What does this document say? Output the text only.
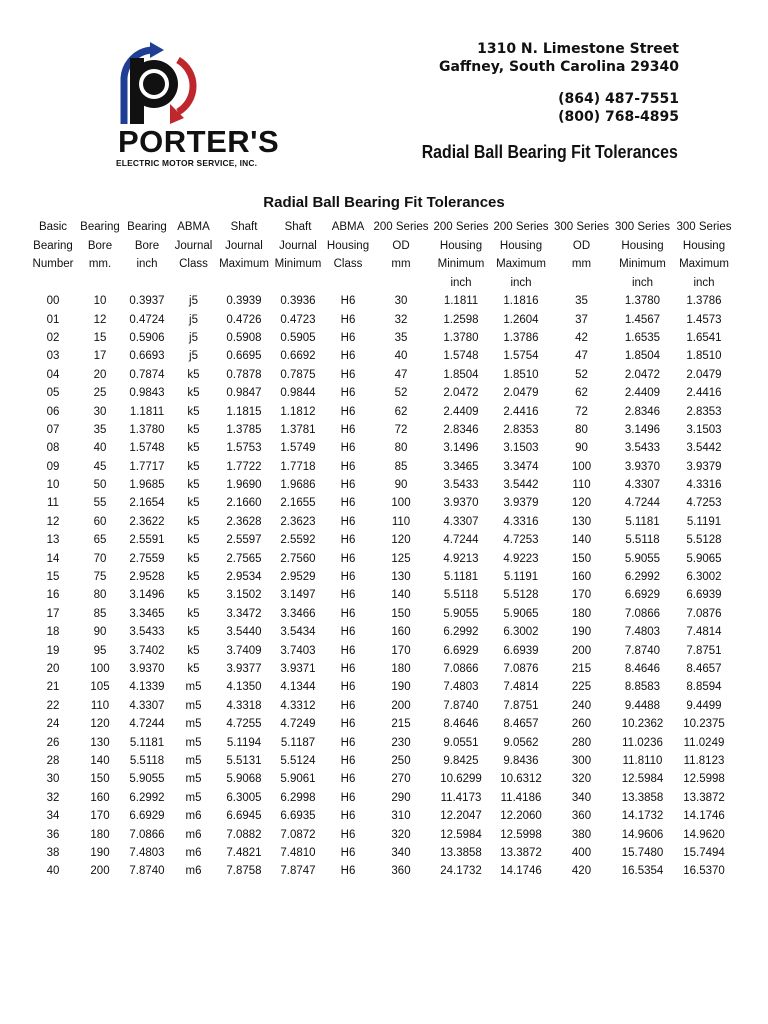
PORTER'S
ELECTRIC MOTOR SERVICE, INC.
1310 N. Limestone Street
Gaffney, South Carolina 29340
(864) 487-7551
(800) 768-4895
Radial Ball Bearing Fit Tolerances
Radial Ball Bearing Fit Tolerances
Basic	Bearing	Bearing	ABMA	Shaft	Shaft	ABMA	200 Series	200 Series	200 Series	300 Series	300 Series	300 Series
Bearing	Bore	Bore	Journal	Journal	Journal	Housing	OD	Housing	Housing	OD	Housing	Housing
Number	mm.	inch	Class	Maximum	Minimum	Class	mm	Minimum	Maximum	mm	Minimum	Maximum
								inch	inch		inch	inch
00	10	0.3937	j5	0.3939	0.3936	H6	30	1.1811	1.1816	35	1.3780	1.3786
01	12	0.4724	j5	0.4726	0.4723	H6	32	1.2598	1.2604	37	1.4567	1.4573
02	15	0.5906	j5	0.5908	0.5905	H6	35	1.3780	1.3786	42	1.6535	1.6541
03	17	0.6693	j5	0.6695	0.6692	H6	40	1.5748	1.5754	47	1.8504	1.8510
04	20	0.7874	k5	0.7878	0.7875	H6	47	1.8504	1.8510	52	2.0472	2.0479
05	25	0.9843	k5	0.9847	0.9844	H6	52	2.0472	2.0479	62	2.4409	2.4416
06	30	1.1811	k5	1.1815	1.1812	H6	62	2.4409	2.4416	72	2.8346	2.8353
07	35	1.3780	k5	1.3785	1.3781	H6	72	2.8346	2.8353	80	3.1496	3.1503
08	40	1.5748	k5	1.5753	1.5749	H6	80	3.1496	3.1503	90	3.5433	3.5442
09	45	1.7717	k5	1.7722	1.7718	H6	85	3.3465	3.3474	100	3.9370	3.9379
10	50	1.9685	k5	1.9690	1.9686	H6	90	3.5433	3.5442	110	4.3307	4.3316
11	55	2.1654	k5	2.1660	2.1655	H6	100	3.9370	3.9379	120	4.7244	4.7253
12	60	2.3622	k5	2.3628	2.3623	H6	110	4.3307	4.3316	130	5.1181	5.1191
13	65	2.5591	k5	2.5597	2.5592	H6	120	4.7244	4.7253	140	5.5118	5.5128
14	70	2.7559	k5	2.7565	2.7560	H6	125	4.9213	4.9223	150	5.9055	5.9065
15	75	2.9528	k5	2.9534	2.9529	H6	130	5.1181	5.1191	160	6.2992	6.3002
16	80	3.1496	k5	3.1502	3.1497	H6	140	5.5118	5.5128	170	6.6929	6.6939
17	85	3.3465	k5	3.3472	3.3466	H6	150	5.9055	5.9065	180	7.0866	7.0876
18	90	3.5433	k5	3.5440	3.5434	H6	160	6.2992	6.3002	190	7.4803	7.4814
19	95	3.7402	k5	3.7409	3.7403	H6	170	6.6929	6.6939	200	7.8740	7.8751
20	100	3.9370	k5	3.9377	3.9371	H6	180	7.0866	7.0876	215	8.4646	8.4657
21	105	4.1339	m5	4.1350	4.1344	H6	190	7.4803	7.4814	225	8.8583	8.8594
22	110	4.3307	m5	4.3318	4.3312	H6	200	7.8740	7.8751	240	9.4488	9.4499
24	120	4.7244	m5	4.7255	4.7249	H6	215	8.4646	8.4657	260	10.2362	10.2375
26	130	5.1181	m5	5.1194	5.1187	H6	230	9.0551	9.0562	280	11.0236	11.0249
28	140	5.5118	m5	5.5131	5.5124	H6	250	9.8425	9.8436	300	11.8110	11.8123
30	150	5.9055	m5	5.9068	5.9061	H6	270	10.6299	10.6312	320	12.5984	12.5998
32	160	6.2992	m5	6.3005	6.2998	H6	290	11.4173	11.4186	340	13.3858	13.3872
34	170	6.6929	m6	6.6945	6.6935	H6	310	12.2047	12.2060	360	14.1732	14.1746
36	180	7.0866	m6	7.0882	7.0872	H6	320	12.5984	12.5998	380	14.9606	14.9620
38	190	7.4803	m6	7.4821	7.4810	H6	340	13.3858	13.3872	400	15.7480	15.7494
40	200	7.8740	m6	7.8758	7.8747	H6	360	24.1732	14.1746	420	16.5354	16.5370
